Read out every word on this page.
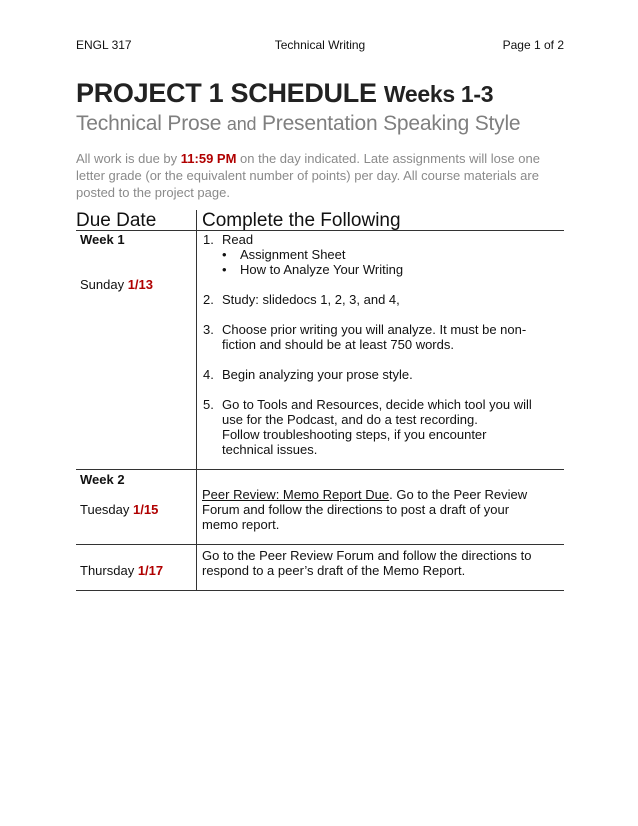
ENGL 317	Technical Writing	Page 1 of 2
PROJECT 1 SCHEDULE Weeks 1-3
Technical Prose and Presentation Speaking Style
All work is due by 11:59 PM on the day indicated. Late assignments will lose one letter grade (or the equivalent number of points) per day. All course materials are posted to the project page.
Due Date Complete the Following
Week 1
Sunday 1/13
1. Read
• Assignment Sheet
• How to Analyze Your Writing
2. Study: slidedocs 1, 2, 3, and 4,
3. Choose prior writing you will analyze. It must be non-
fiction and should be at least 750 words.
4. Begin analyzing your prose style.
5. Go to Tools and Resources, decide which tool you will
use for the Podcast, and do a test recording.
Follow troubleshooting steps, if you encounter
technical issues.
Week 2
Tuesday 1/15
Peer Review: Memo Report Due. Go to the Peer Review
Forum and follow the directions to post a draft of your
memo report.
Thursday 1/17
Go to the Peer Review Forum and follow the directions to
respond to a peer’s draft of the Memo Report.
